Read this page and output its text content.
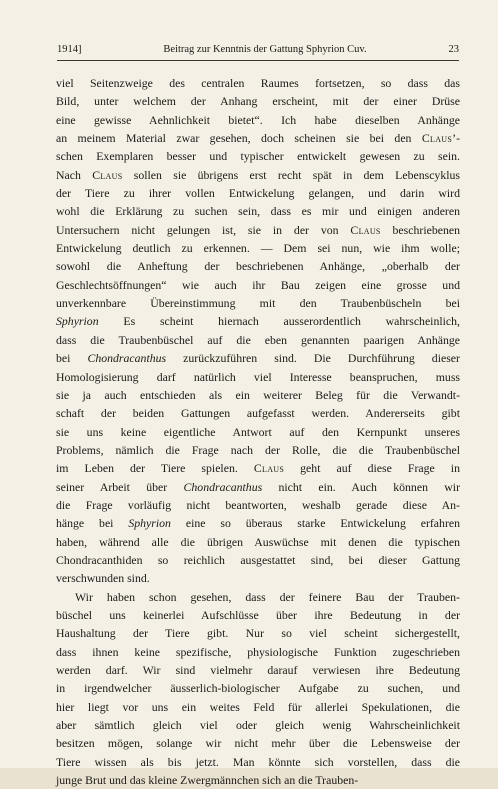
1914]	Beitrag zur Kenntnis der Gattung Sphyrion Cuv.	23
viel Seitenzweige des centralen Raumes fortsetzen, so dass das
Bild, unter welchem der Anhang erscheint, mit der einer Drüse
eine gewisse Aehnlichkeit bietet“. Ich habe dieselben Anhänge
an meinem Material zwar gesehen, doch scheinen sie bei den Claus’-
schen Exemplaren besser und typischer entwickelt gewesen zu sein.
Nach Claus sollen sie übrigens erst recht spät in dem Lebenscyklus
der Tiere zu ihrer vollen Entwickelung gelangen, und darin wird
wohl die Erklärung zu suchen sein, dass es mir und einigen anderen
Untersuchern nicht gelungen ist, sie in der von Claus beschriebenen
Entwickelung deutlich zu erkennen. — Dem sei nun, wie ihm wolle;
sowohl die Anheftung der beschriebenen Anhänge, „oberhalb der
Geschlechtsöffnungen“ wie auch ihr Bau zeigen eine grosse und
unverkennbare Übereinstimmung mit den Traubenbüscheln bei
Sphyrion Es scheint hiernach ausserordentlich wahrscheinlich,
dass die Traubenbüschel auf die eben genannten paarigen Anhänge
bei Chondracanthus zurückzuführen sind. Die Durchführung dieser
Homologisierung darf natürlich viel Interesse beanspruchen, muss
sie ja auch entschieden als ein weiterer Beleg für die Verwandt-
schaft der beiden Gattungen aufgefasst werden. Andererseits gibt
sie uns keine eigentliche Antwort auf den Kernpunkt unseres
Problems, nämlich die Frage nach der Rolle, die die Traubenbüschel
im Leben der Tiere spielen. Claus geht auf diese Frage in
seiner Arbeit über Chondracanthus nicht ein. Auch können wir
die Frage vorläufig nicht beantworten, weshalb gerade diese An-
hänge bei Sphyrion eine so überaus starke Entwickelung erfahren
haben, während alle die übrigen Auswüchse mit denen die typischen
Chondracanthiden so reichlich ausgestattet sind, bei dieser Gattung
verschwunden sind.
Wir haben schon gesehen, dass der feinere Bau der Trauben-
büschel uns keinerlei Aufschlüsse über ihre Bedeutung in der
Haushaltung der Tiere gibt. Nur so viel scheint sichergestellt,
dass ihnen keine spezifische, physiologische Funktion zugeschrieben
werden darf. Wir sind vielmehr darauf verwiesen ihre Bedeutung
in irgendwelcher äusserlich-biologischer Aufgabe zu suchen, und
hier liegt vor uns ein weites Feld für allerlei Spekulationen, die
aber sämtlich gleich viel oder gleich wenig Wahrscheinlichkeit
besitzen mögen, solange wir nicht mehr über die Lebensweise der
Tiere wissen als bis jetzt. Man könnte sich vorstellen, dass die
junge Brut und das kleine Zwergmännchen sich an die Trauben-
